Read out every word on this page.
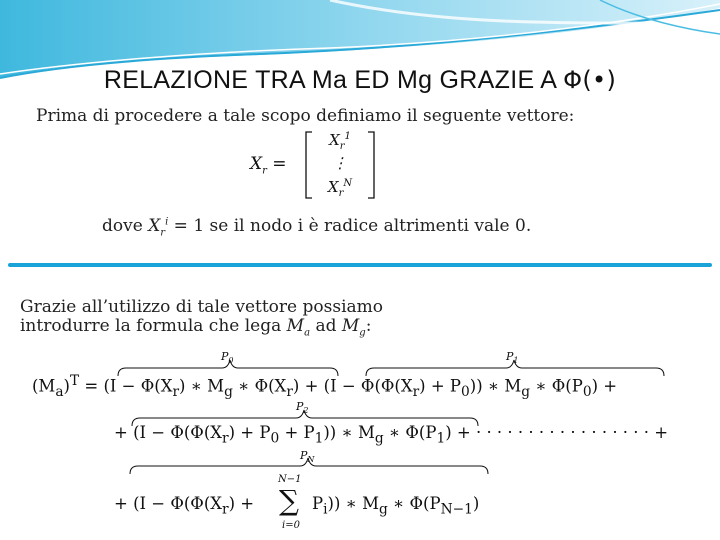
RELAZIONE TRA Ma ED Mg GRAZIE A Φ(•)
Prima di procedere a tale scopo definiamo il seguente vettore:
$X_r$ =
$X_r^1$
⋮
$X_r^N$
dove $X_r^i = 1$ se il nodo i è radice altrimenti vale 0.
Grazie all’utilizzo di tale vettore possiamo
introdurre la formula che lega $M_a$ ad $M_g$:
$P_0$	$P_1$
$P_2$
$P_N$
$(M_a)^T = (I - \Phi(X_r)$ ∗ $M_g$ ∗ $\Phi(X_r) + (I - \Phi(\Phi(X_r) + P_0))$ ∗ $M_g$ ∗ $\Phi(P_0)$ +
+ $(I - \Phi(\Phi(X_r) + P_0 + P_1))$ ∗ $M_g$ ∗ $\Phi(P_1)$ + · · · · · · · · · · · · · · · · · +
+ ($I - \Phi(\Phi(X_r)$ + ∑
N−1
i=0
$P_i$)) ∗ $M_g$ ∗ $\Phi(P_{N-1})$
